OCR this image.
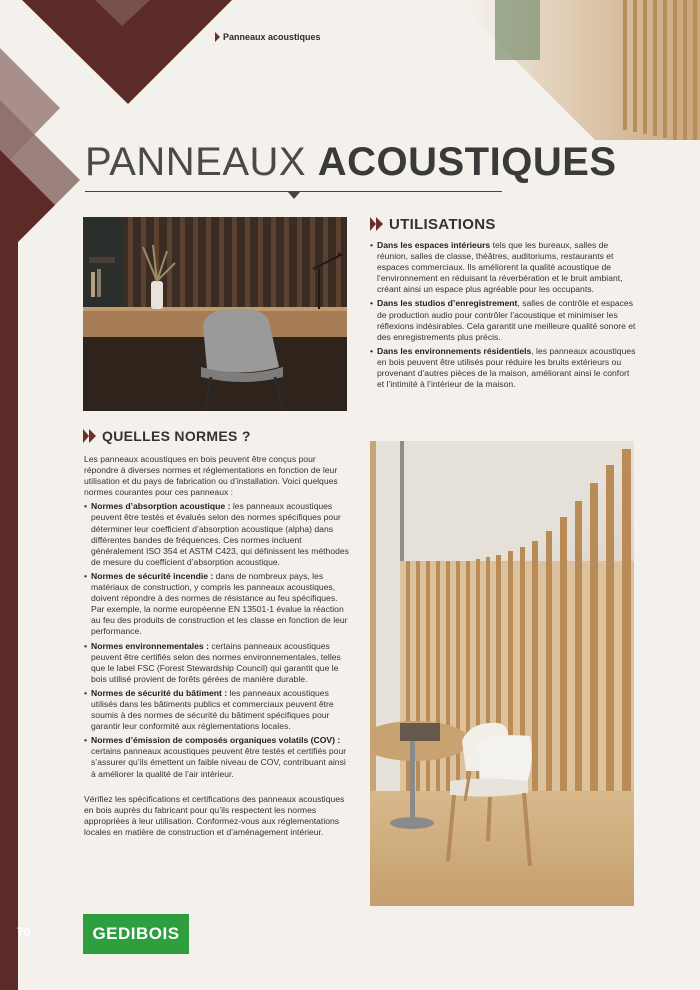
Panneaux acoustiques
PANNEAUX ACOUSTIQUES
UTILISATIONS
• Dans les espaces intérieurs tels que les bureaux, salles de réunion, salles de classe, théâtres, auditoriums, restaurants et espaces commerciaux. Ils améliorent la qualité acoustique de l’environnement en réduisant la réverbération et le bruit ambiant, créant ainsi un espace plus agréable pour les occupants.
• Dans les studios d’enregistrement, salles de contrôle et espaces de production audio pour contrôler l’acoustique et minimiser les réflexions indésirables. Cela garantit une meilleure qualité sonore et des enregistrements plus précis.
• Dans les environnements résidentiels, les panneaux acoustiques en bois peuvent être utilisés pour réduire les bruits extérieurs ou provenant d’autres pièces de la maison, améliorant ainsi le confort et l’intimité à l’intérieur de la maison.
QUELLES NORMES ?

Les panneaux acoustiques en bois peuvent être conçus pour répondre à diverses normes et réglementations en fonction de leur utilisation et du pays de fabrication ou d’installation. Voici quelques normes courantes pour ces panneaux :

• Normes d’absorption acoustique : les panneaux acoustiques peuvent être testés et évalués selon des normes spécifiques pour déterminer leur coefficient d’absorption acoustique (alpha) dans différentes bandes de fréquences. Ces normes incluent généralement ISO 354 et ASTM C423, qui définissent les méthodes de mesure du coefficient d’absorption acoustique.
• Normes de sécurité incendie : dans de nombreux pays, les matériaux de construction, y compris les panneaux acoustiques, doivent répondre à des normes de résistance au feu spécifiques. Par exemple, la norme européenne EN 13501-1 évalue la réaction au feu des produits de construction et les classe en fonction de leur performance.
• Normes environnementales : certains panneaux acoustiques peuvent être certifiés selon des normes environnementales, telles que le label FSC (Forest Stewardship Council) qui garantit que le bois utilisé provient de forêts gérées de manière durable.
• Normes de sécurité du bâtiment : les panneaux acoustiques utilisés dans les bâtiments publics et commerciaux peuvent être soumis à des normes de sécurité du bâtiment spécifiques pour garantir leur conformité aux réglementations locales.
• Normes d’émission de composés organiques volatils (COV) : certains panneaux acoustiques peuvent être testés et certifiés pour s’assurer qu’ils émettent un faible niveau de COV, contribuant ainsi à améliorer la qualité de l’air intérieur.

Vérifiez les spécifications et certifications des panneaux acoustiques en bois auprès du fabricant pour qu’ils respectent les normes appropriées à leur utilisation. Conformez-vous aux réglementations locales en matière de construction et d’aménagement intérieur.

70	GEDIBOIS
